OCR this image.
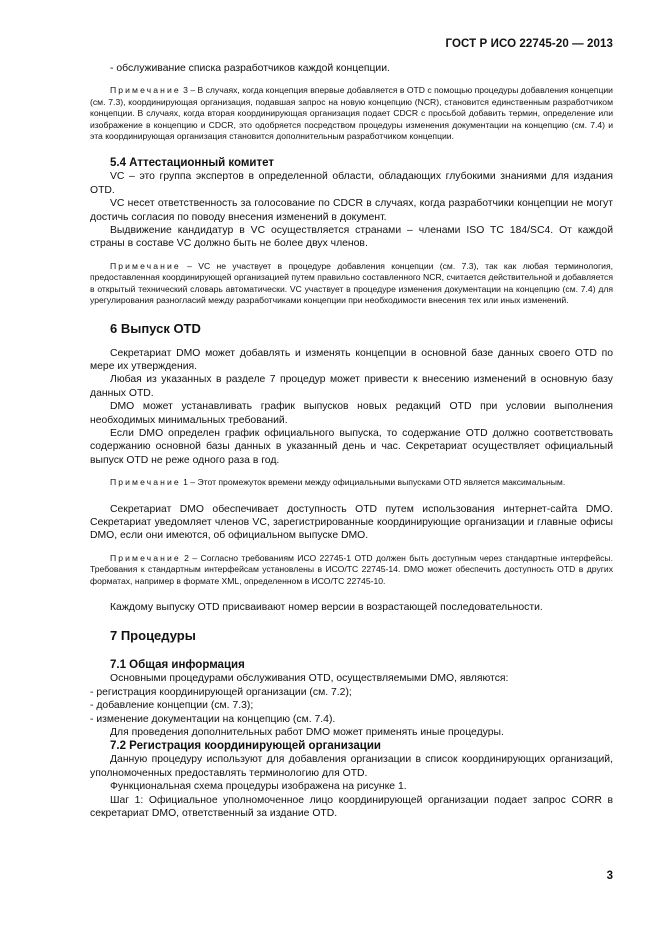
ГОСТ Р ИСО 22745-20 — 2013

- обслуживание списка разработчиков каждой концепции.

Примечание 3 – В случаях, когда концепция впервые добавляется в OTD с помощью процедуры добавления концепции (см. 7.3), координирующая организация, подавшая запрос на новую концепцию (NCR), становится единственным разработчиком концепции. В случаях, когда вторая координирующая организация подает CDCR с просьбой добавить термин, определение или изображение в концепцию и CDCR, это одобряется посредством процедуры изменения документации на концепцию (см. 7.4) и эта координирующая организация становится дополнительным разработчиком концепции.

5.4 Аттестационный комитет

VC – это группа экспертов в определенной области, обладающих глубокими знаниями для издания OTD.

VC несет ответственность за голосование по CDCR в случаях, когда разработчики концепции не могут достичь согласия по поводу внесения изменений в документ.

Выдвижение кандидатур в VC осуществляется странами – членами ISO TC 184/SC4. От каждой страны в составе VC должно быть не более двух членов.

Примечание – VC не участвует в процедуре добавления концепции (см. 7.3), так как любая терминология, предоставленная координирующей организацией путем правильно составленного NCR, считается действительной и добавляется в открытый технический словарь автоматически. VC участвует в процедуре изменения документации на концепцию (см. 7.4) для урегулирования разногласий между разработчиками концепции при необходимости внесения тех или иных изменений.

6 Выпуск OTD

Секретариат DMO может добавлять и изменять концепции в основной базе данных своего OTD по мере их утверждения.

Любая из указанных в разделе 7 процедур может привести к внесению изменений в основную базу данных OTD.

DMO может устанавливать график выпусков новых редакций OTD при условии выполнения необходимых минимальных требований.

Если DMO определен график официального выпуска, то содержание OTD должно соответствовать содержанию основной базы данных в указанный день и час. Секретариат осуществляет официальный выпуск OTD не реже одного раза в год.

Примечание 1 – Этот промежуток времени между официальными выпусками OTD является максимальным.

Секретариат DMO обеспечивает доступность OTD путем использования интернет-сайта DMO. Секретариат уведомляет членов VC, зарегистрированные координирующие организации и главные офисы DMO, если они имеются, об официальном выпуске DMO.

Примечание 2 – Согласно требованиям ИСО 22745-1 OTD должен быть доступным через стандартные интерфейсы. Требования к стандартным интерфейсам установлены в ИСО/ТС 22745-14. DMO может обеспечить доступность OTD в других форматах, например в формате XML, определенном в ИСО/ТС 22745-10.

Каждому выпуску OTD присваивают номер версии в возрастающей последовательности.

7 Процедуры
7.1 Общая информация

Основными процедурами обслуживания OTD, осуществляемыми DMO, являются:

- регистрация координирующей организации (см. 7.2);

- добавление концепции (см. 7.3);

- изменение документации на концепцию (см. 7.4).

Для проведения дополнительных работ DMO может применять иные процедуры.

7.2 Регистрация координирующей организации

Данную процедуру используют для добавления организации в список координирующих организаций, уполномоченных предоставлять терминологию для OTD.

Функциональная схема процедуры изображена на рисунке 1.

Шаг 1: Официальное уполномоченное лицо координирующей организации подает запрос CORR в секретариат DMO, ответственный за издание OTD.

3
